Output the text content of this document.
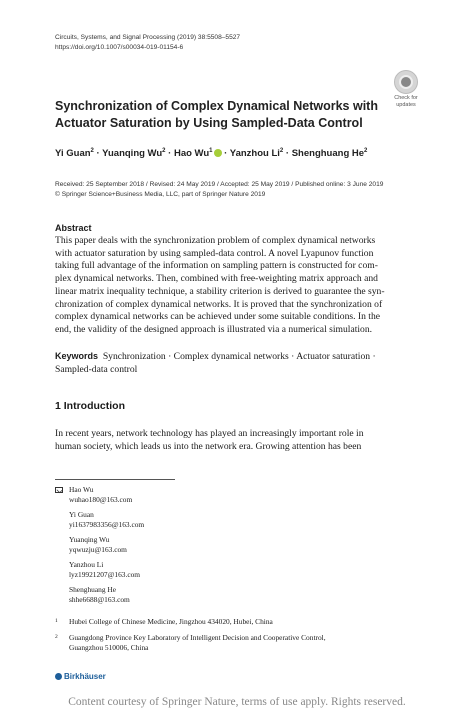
Circuits, Systems, and Signal Processing (2019) 38:5508–5527
https://doi.org/10.1007/s00034-019-01154-6
Check for
updates
Synchronization of Complex Dynamical Networks with
Actuator Saturation by Using Sampled-Data Control
Yi Guan$^2$ · Yuanqing $Wu^2$ · Hao $Wu^1$ · Yanzhou $Li^2$ · Shenghuang He$^2$
Received: 25 September 2018 / Revised: 24 May 2019 / Accepted: 25 May 2019 / Published online: 3 June 2019
© Springer Science+Business Media, LLC, part of Springer Nature 2019
Abstract
This paper deals with the synchronization problem of complex dynamical networks
with actuator saturation by using sampled-data control. A novel Lyapunov function
taking full advantage of the information on sampling pattern is constructed for com-
plex dynamical networks. Then, combined with free-weighting matrix approach and
linear matrix inequality technique, a stability criterion is derived to guarantee the syn-
chronization of complex dynamical networks. It is proved that the synchronization of
complex dynamical networks can be achieved under some suitable conditions. In the
end, the validity of the designed approach is illustrated via a numerical simulation.
Keywords Synchronization · Complex dynamical networks · Actuator saturation ·
Sampled-data control
1 Introduction
In recent years, network technology has played an increasingly important role in
human society, which leads us into the network era. Growing attention has been
Hao Wu
wuhao180@163.com
Yi Guan
yi1637983356@163.com
Yuanqing Wu
yqwuzju@163.com
Yanzhou Li
lyz19921207@163.com
Shenghuang He
shhe6688@163.com
1 Hubei College of Chinese Medicine, Jingzhou 434020, Hubei, China
2 Guangdong Province Key Laboratory of Intelligent Decision and Cooperative Control,
Guangzhou 510006, China
Birkhäuser
Content courtesy of Springer Nature, terms of use apply. Rights reserved.
